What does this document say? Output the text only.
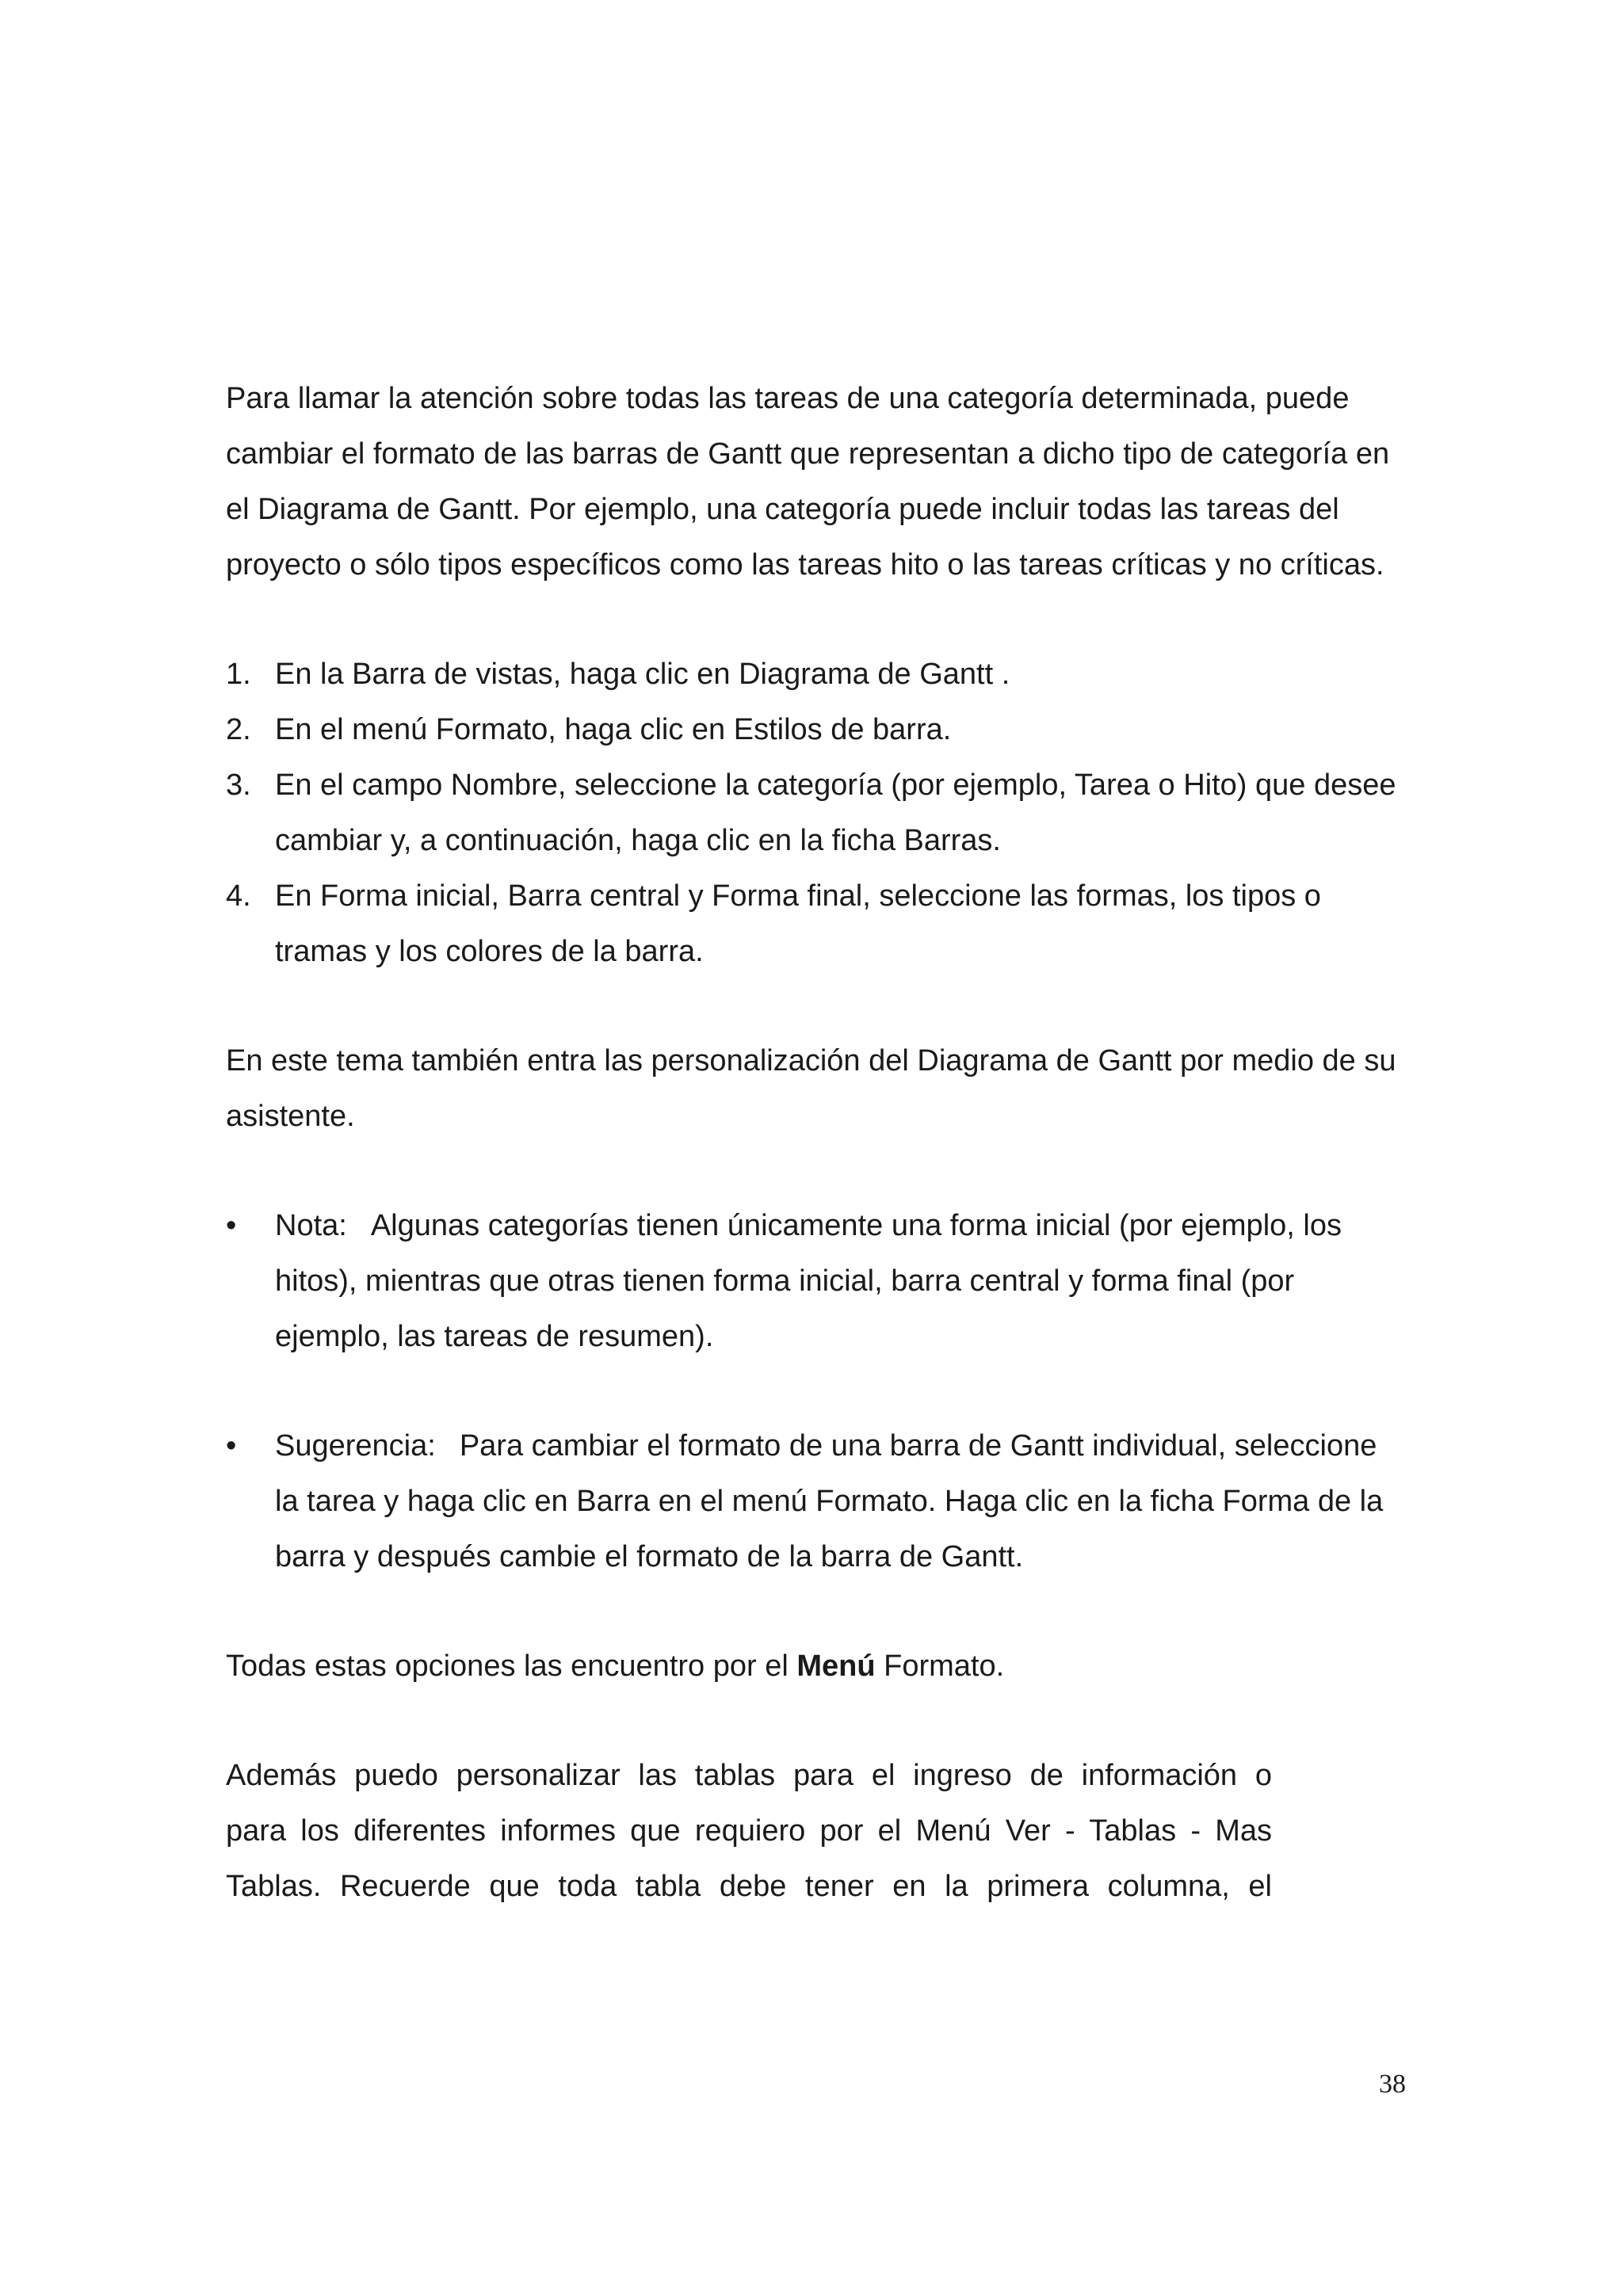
Para llamar la atención sobre todas las tareas de una categoría determinada, puede cambiar el formato de las barras de Gantt que representan a dicho tipo de categoría en el Diagrama de Gantt. Por ejemplo, una categoría puede incluir todas las tareas del proyecto o sólo tipos específicos como las tareas hito o las tareas críticas y no críticas.

1. En la Barra de vistas, haga clic en Diagrama de Gantt .
2. En el menú Formato, haga clic en Estilos de barra.
3. En el campo Nombre, seleccione la categoría (por ejemplo, Tarea o Hito) que desee cambiar y, a continuación, haga clic en la ficha Barras.
4. En Forma inicial, Barra central y Forma final, seleccione las formas, los tipos o tramas y los colores de la barra.

En este tema también entra las personalización del Diagrama de Gantt por medio de su asistente.

•	Nota: Algunas categorías tienen únicamente una forma inicial (por ejemplo, los hitos), mientras que otras tienen forma inicial, barra central y forma final (por ejemplo, las tareas de resumen).
•	Sugerencia: Para cambiar el formato de una barra de Gantt individual, seleccione la tarea y haga clic en Barra en el menú Formato. Haga clic en la ficha Forma de la barra y después cambie el formato de la barra de Gantt.

Todas estas opciones las encuentro por el Menú Formato.

Además puedo personalizar las tablas para el ingreso de información o
para los diferentes informes que requiero por el Menú Ver - Tablas - Mas
Tablas. Recuerde que toda tabla debe tener en la primera columna, el
38
